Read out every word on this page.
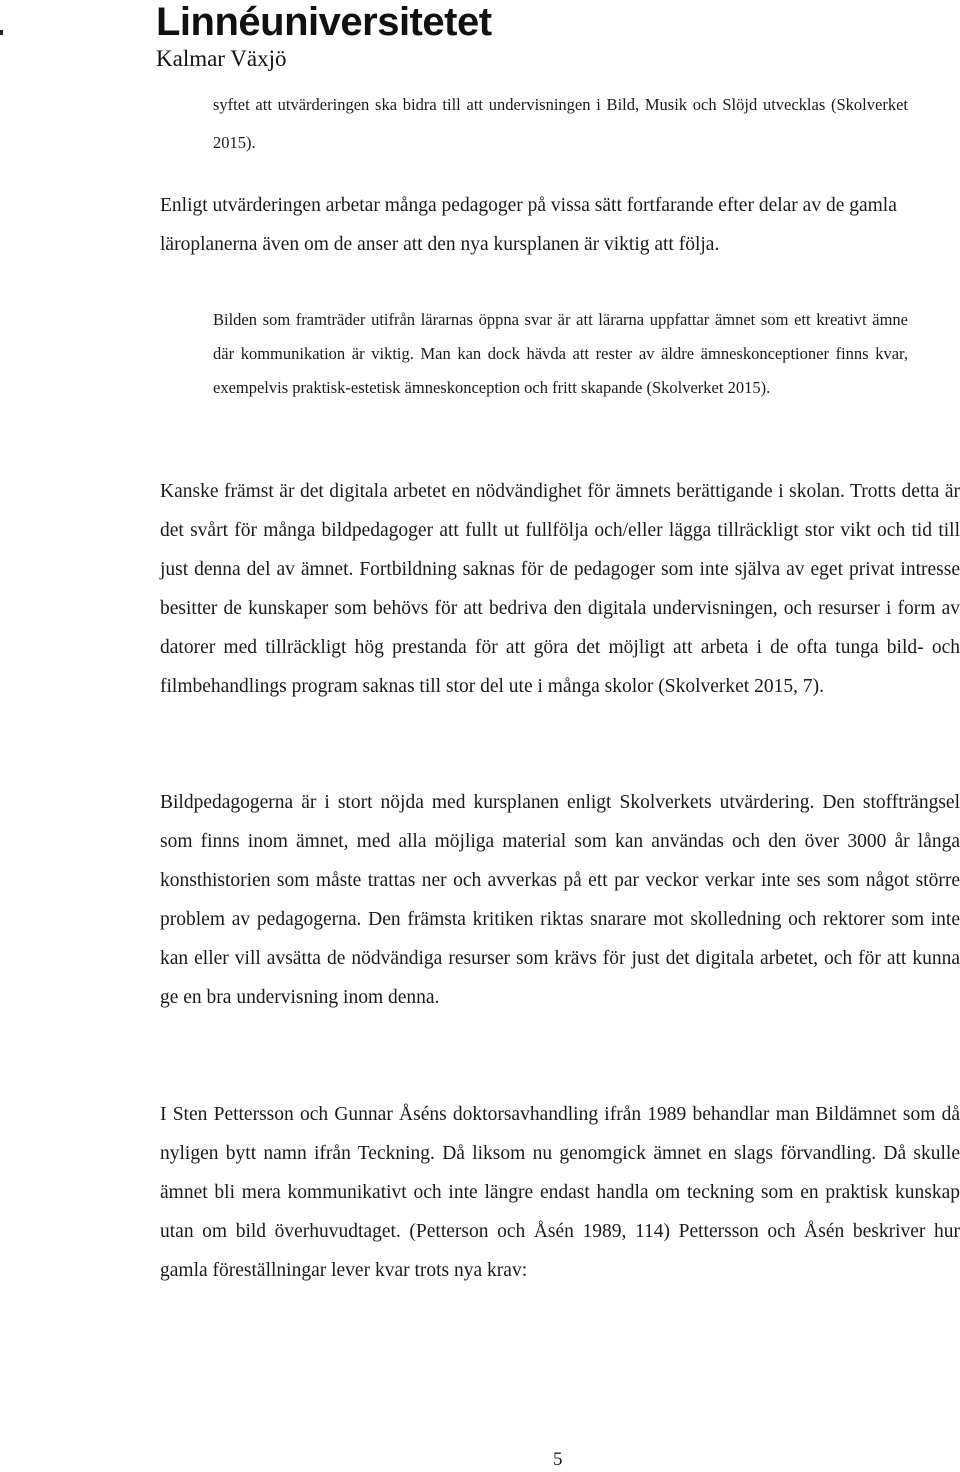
Linnéuniversitetet
Kalmar Växjö

syftet att utvärderingen ska bidra till att undervisningen i Bild, Musik och Slöjd utvecklas (Skolverket 2015).

Enligt utvärderingen arbetar många pedagoger på vissa sätt fortfarande efter delar av de gamla läroplanerna även om de anser att den nya kursplanen är viktig att följa.

Bilden som framträder utifrån lärarnas öppna svar är att lärarna uppfattar ämnet som ett kreativt ämne där kommunikation är viktig. Man kan dock hävda att rester av äldre ämneskonceptioner finns kvar, exempelvis praktisk-estetisk ämneskonception och fritt skapande (Skolverket 2015).

Kanske främst är det digitala arbetet en nödvändighet för ämnets berättigande i skolan. Trotts detta är det svårt för många bildpedagoger att fullt ut fullfölja och/eller lägga tillräckligt stor vikt och tid till just denna del av ämnet. Fortbildning saknas för de pedagoger som inte själva av eget privat intresse besitter de kunskaper som behövs för att bedriva den digitala undervisningen, och resurser i form av datorer med tillräckligt hög prestanda för att göra det möjligt att arbeta i de ofta tunga bild- och filmbehandlings program saknas till stor del ute i många skolor (Skolverket 2015, 7).

Bildpedagogerna är i stort nöjda med kursplanen enligt Skolverkets utvärdering. Den stoffträngsel som finns inom ämnet, med alla möjliga material som kan användas och den över 3000 år långa konsthistorien som måste trattas ner och avverkas på ett par veckor verkar inte ses som något större problem av pedagogerna. Den främsta kritiken riktas snarare mot skolledning och rektorer som inte kan eller vill avsätta de nödvändiga resurser som krävs för just det digitala arbetet, och för att kunna ge en bra undervisning inom denna.

I Sten Pettersson och Gunnar Åséns doktorsavhandling ifrån 1989 behandlar man Bildämnet som då nyligen bytt namn ifrån Teckning. Då liksom nu genomgick ämnet en slags förvandling. Då skulle ämnet bli mera kommunikativt och inte längre endast handla om teckning som en praktisk kunskap utan om bild överhuvudtaget. (Petterson och Åsén 1989, 114) Pettersson och Åsén beskriver hur gamla föreställningar lever kvar trots nya krav:

5
